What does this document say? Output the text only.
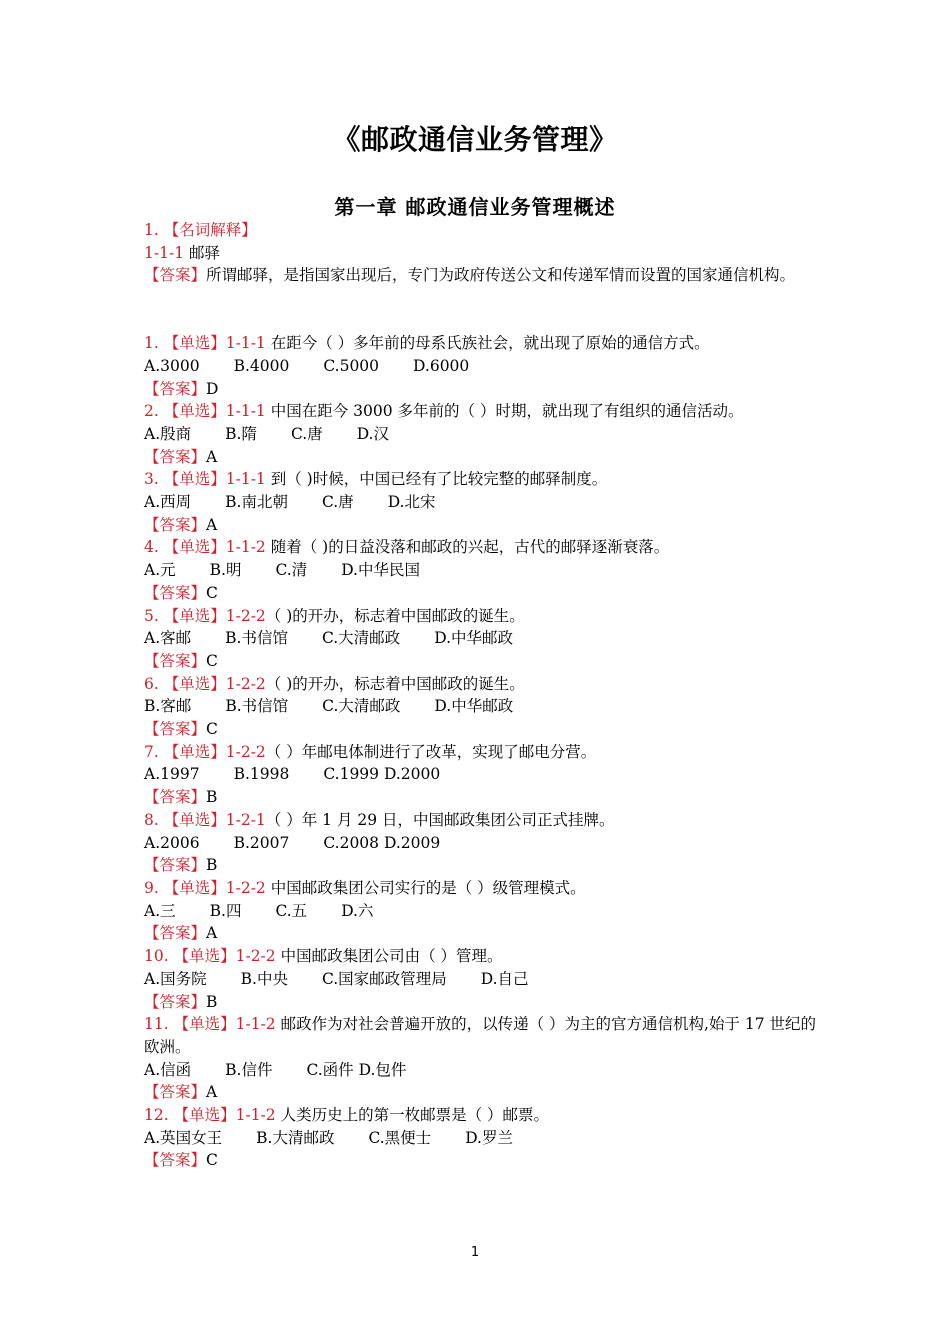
《邮政通信业务管理》
第一章 邮政通信业务管理概述
1. 【名词解释】
1-1-1 邮驿
【答案】所谓邮驿，是指国家出现后，专门为政府传送公文和传递军情而设置的国家通信机构。
1. 【单选】1-1-1 在距今（ ）多年前的母系氏族社会，就出现了原始的通信方式。
A.3000 B.4000 C.5000 D.6000
【答案】D
2. 【单选】1-1-1 中国在距今 3000 多年前的（ ）时期，就出现了有组织的通信活动。
A.殷商 B.隋 C.唐 D.汉
【答案】A
3. 【单选】1-1-1 到（ )时候，中国已经有了比较完整的邮驿制度。
A.西周 B.南北朝 C.唐 D.北宋
【答案】A
4. 【单选】1-1-2 随着（ )的日益没落和邮政的兴起，古代的邮驿逐渐衰落。
A.元 B.明 C.清 D.中华民国
【答案】C
5. 【单选】1-2-2（ )的开办，标志着中国邮政的诞生。
A.客邮 B.书信馆 C.大清邮政 D.中华邮政
【答案】C
6. 【单选】1-2-2（ )的开办，标志着中国邮政的诞生。
B.客邮 B.书信馆 C.大清邮政 D.中华邮政
【答案】C
7. 【单选】1-2-2（ ）年邮电体制进行了改革，实现了邮电分营。
A.1997 B.1998 C.1999 D.2000
【答案】B
8. 【单选】1-2-1（ ）年 1 月 29 日，中国邮政集团公司正式挂牌。
A.2006 B.2007 C.2008 D.2009
【答案】B
9. 【单选】1-2-2 中国邮政集团公司实行的是（ ）级管理模式。
A.三 B.四 C.五 D.六
【答案】A
10. 【单选】1-2-2 中国邮政集团公司由（ ）管理。
A.国务院 B.中央 C.国家邮政管理局 D.自己
【答案】B
11. 【单选】1-1-2 邮政作为对社会普遍开放的，以传递（ ）为主的官方通信机构,始于 17 世纪的欧洲。
A.信函 B.信件 C.函件 D.包件
【答案】A
12. 【单选】1-1-2 人类历史上的第一枚邮票是（ ）邮票。
A.英国女王 B.大清邮政 C.黑便士 D.罗兰
【答案】C
1
